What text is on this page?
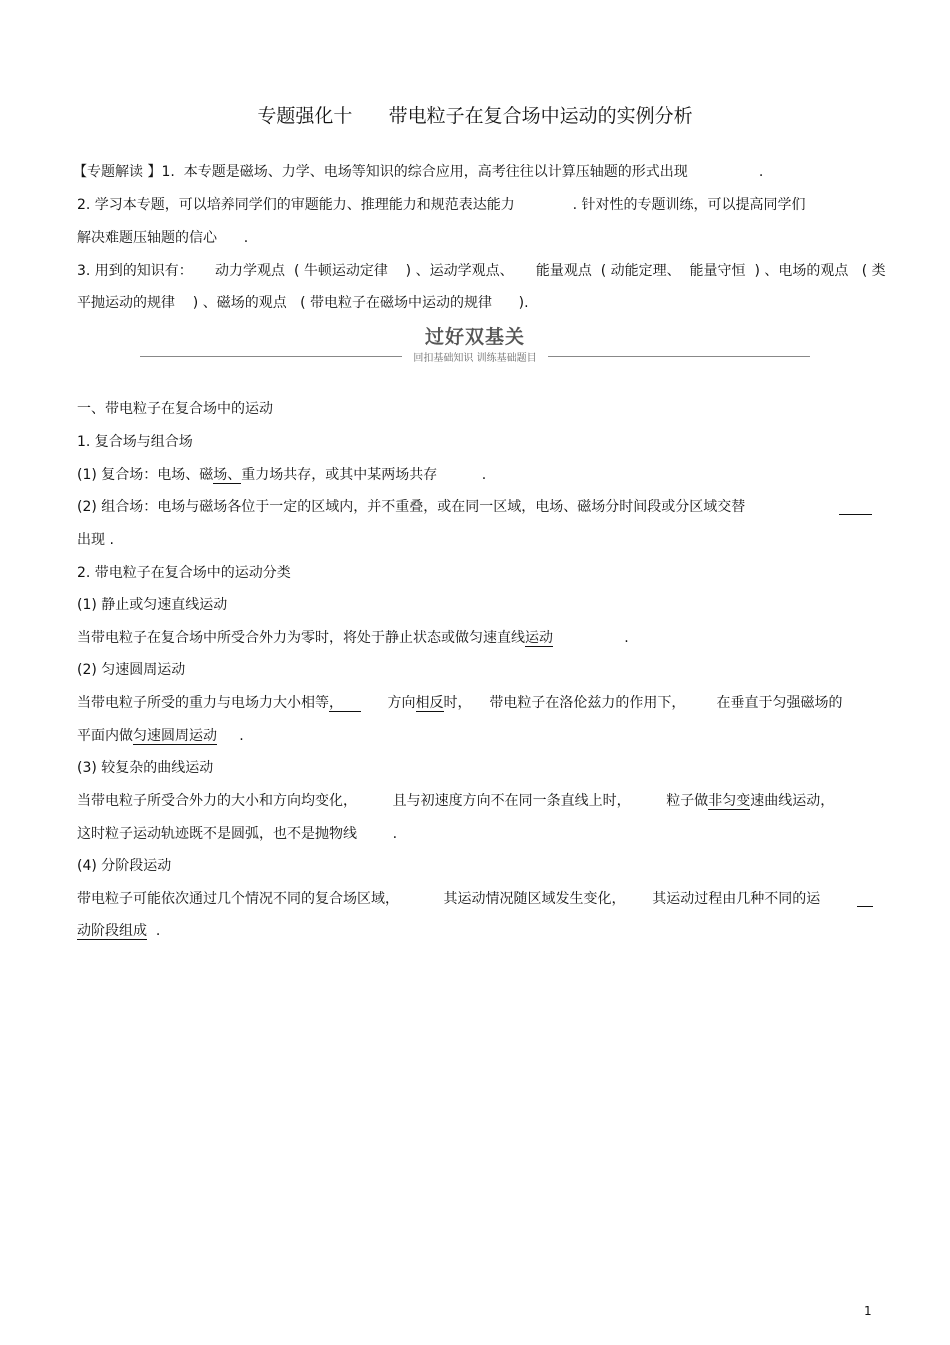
专题强化十      带电粒子在复合场中运动的实例分析
【专题解读 】1.  本专题是磁场、力学、电场等知识的综合应用，高考往往以计算压轴题的形式出现                .
2. 学习本专题，可以培养同学们的审题能力、推理能力和规范表达能力             . 针对性的专题训练，可以提高同学们
解决难题压轴题的信心      .
3. 用到的知识有：     动力学观点  ( 牛顿运动定律    ) 、运动学观点、     能量观点  ( 动能定理、  能量守恒  ) 、电场的观点   ( 类
平抛运动的规律    ) 、磁场的观点   ( 带电粒子在磁场中运动的规律      ).
过好双基关
回扣基础知识 训练基础题目
一、带电粒子在复合场中的运动
1. 复合场与组合场
(1) 复合场：电场、磁场、重力场共存，或其中某两场共存          .
(2) 组合场：电场与磁场各位于一定的区域内，并不重叠，或在同一区域，电场、磁场分时间段或分区域交替
出现 .
2. 带电粒子在复合场中的运动分类
(1) 静止或匀速直线运动
当带电粒子在复合场中所受合外力为零时，将处于静止状态或做匀速直线运动                .
(2) 匀速圆周运动
当带电粒子所受的重力与电场力大小相等，          方向相反时，    带电粒子在洛伦兹力的作用下，       在垂直于匀强磁场的
平面内做匀速圆周运动     .
(3) 较复杂的曲线运动
当带电粒子所受合外力的大小和方向均变化，        且与初速度方向不在同一条直线上时，        粒子做非匀变速曲线运动，
这时粒子运动轨迹既不是圆弧，也不是抛物线        .
(4) 分阶段运动
带电粒子可能依次通过几个情况不同的复合场区域，          其运动情况随区域发生变化，      其运动过程由几种不同的运
动阶段组成  .
1
